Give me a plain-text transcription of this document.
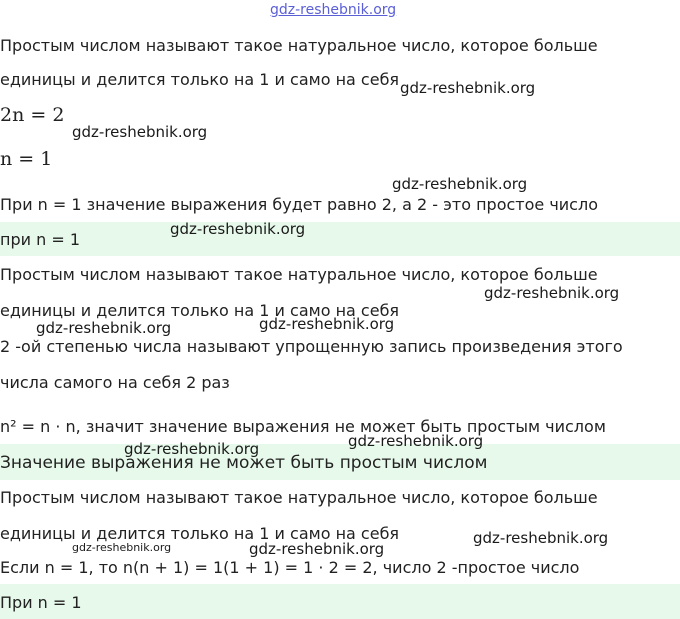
gdz-reshebnik.org
Простым числом называют такое натуральное число, которое больше
единицы и делится только на 1 и само на себя
2n = 2
n = 1
При n = 1 значение выражения будет равно 2, а 2 - это простое число
при n = 1
Простым числом называют такое натуральное число, которое больше
единицы и делится только на 1 и само на себя
2 -ой степенью числа называют упрощенную запись произведения этого
числа самого на себя 2 раз
n² = n · n, значит значение выражения не может быть простым числом
Значение выражения не может быть простым числом
Простым числом называют такое натуральное число, которое больше
единицы и делится только на 1 и само на себя
Если n = 1, то n(n + 1) = 1(1 + 1) = 1 · 2 = 2, число 2 -простое число
При n = 1
gdz-reshebnik.org
gdz-reshebnik.org
gdz-reshebnik.org
gdz-reshebnik.org
gdz-reshebnik.org
gdz-reshebnik.org	gdz-reshebnik.org
gdz-reshebnik.org	gdz-reshebnik.org
gdz-reshebnik.org
gdz-reshebnik.org	gdz-reshebnik.org
